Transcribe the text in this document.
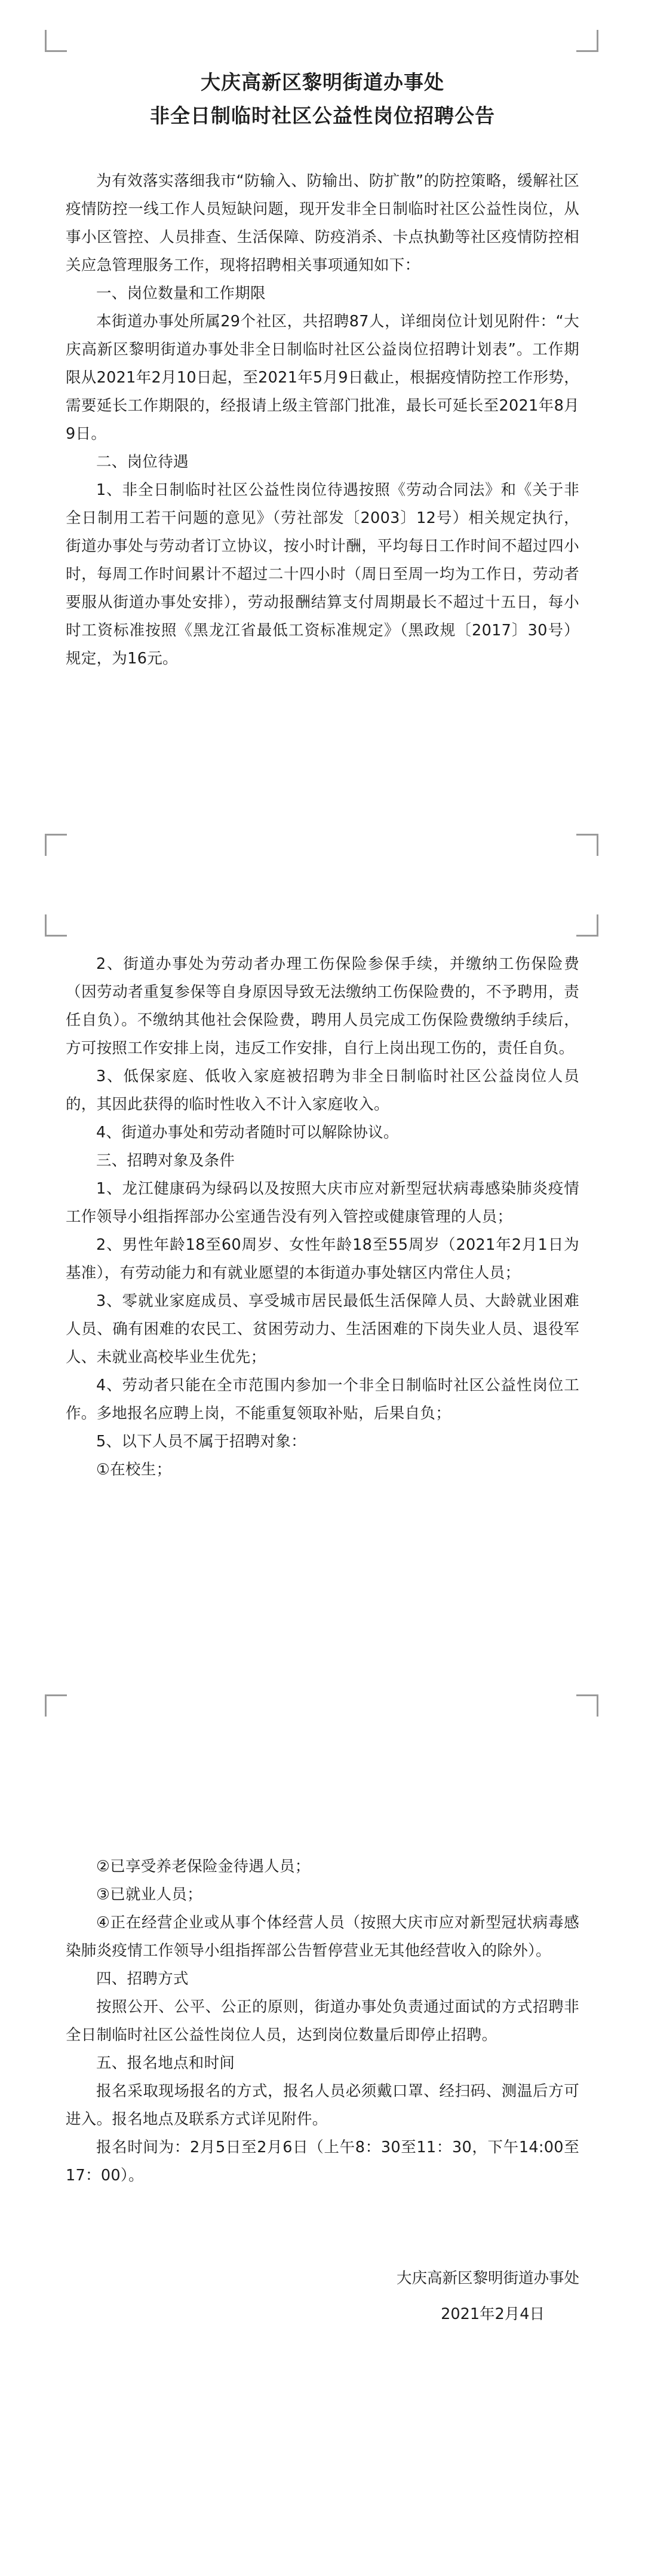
大庆高新区黎明街道办事处
非全日制临时社区公益性岗位招聘公告

为有效落实落细我市“防输入、防输出、防扩散”的防控策略，缓解社区疫情防控一线工作人员短缺问题，现开发非全日制临时社区公益性岗位，从事小区管控、人员排查、生活保障、防疫消杀、卡点执勤等社区疫情防控相关应急管理服务工作，现将招聘相关事项通知如下：

一、岗位数量和工作期限

本街道办事处所属29个社区，共招聘87人，详细岗位计划见附件：“大庆高新区黎明街道办事处非全日制临时社区公益岗位招聘计划表”。工作期限从2021年2月10日起，至2021年5月9日截止，根据疫情防控工作形势，需要延长工作期限的，经报请上级主管部门批准，最长可延长至2021年8月9日。

二、岗位待遇

1、非全日制临时社区公益性岗位待遇按照《劳动合同法》和《关于非全日制用工若干问题的意见》（劳社部发〔2003〕12号）相关规定执行，街道办事处与劳动者订立协议，按小时计酬，平均每日工作时间不超过四小时，每周工作时间累计不超过二十四小时（周日至周一均为工作日，劳动者要服从街道办事处安排），劳动报酬结算支付周期最长不超过十五日，每小时工资标准按照《黑龙江省最低工资标准规定》（黑政规〔2017〕30号）规定，为16元。

2、街道办事处为劳动者办理工伤保险参保手续，并缴纳工伤保险费（因劳动者重复参保等自身原因导致无法缴纳工伤保险费的，不予聘用，责任自负）。不缴纳其他社会保险费，聘用人员完成工伤保险费缴纳手续后，方可按照工作安排上岗，违反工作安排，自行上岗出现工伤的，责任自负。

3、低保家庭、低收入家庭被招聘为非全日制临时社区公益岗位人员的，其因此获得的临时性收入不计入家庭收入。

4、街道办事处和劳动者随时可以解除协议。

三、招聘对象及条件

1、龙江健康码为绿码以及按照大庆市应对新型冠状病毒感染肺炎疫情工作领导小组指挥部办公室通告没有列入管控或健康管理的人员；

2、男性年龄18至60周岁、女性年龄18至55周岁（2021年2月1日为基准），有劳动能力和有就业愿望的本街道办事处辖区内常住人员；

3、零就业家庭成员、享受城市居民最低生活保障人员、大龄就业困难人员、确有困难的农民工、贫困劳动力、生活困难的下岗失业人员、退役军人、未就业高校毕业生优先；

4、劳动者只能在全市范围内参加一个非全日制临时社区公益性岗位工作。多地报名应聘上岗，不能重复领取补贴，后果自负；

5、以下人员不属于招聘对象：

①在校生；

②已享受养老保险金待遇人员；

③已就业人员；

④正在经营企业或从事个体经营人员（按照大庆市应对新型冠状病毒感染肺炎疫情工作领导小组指挥部公告暂停营业无其他经营收入的除外）。

四、招聘方式

按照公开、公平、公正的原则，街道办事处负责通过面试的方式招聘非全日制临时社区公益性岗位人员，达到岗位数量后即停止招聘。

五、报名地点和时间

报名采取现场报名的方式，报名人员必须戴口罩、经扫码、测温后方可进入。报名地点及联系方式详见附件。

报名时间为：2月5日至2月6日（上午8：30至11：30，下午14:00至17：00）。

大庆高新区黎明街道办事处

2021年2月4日
